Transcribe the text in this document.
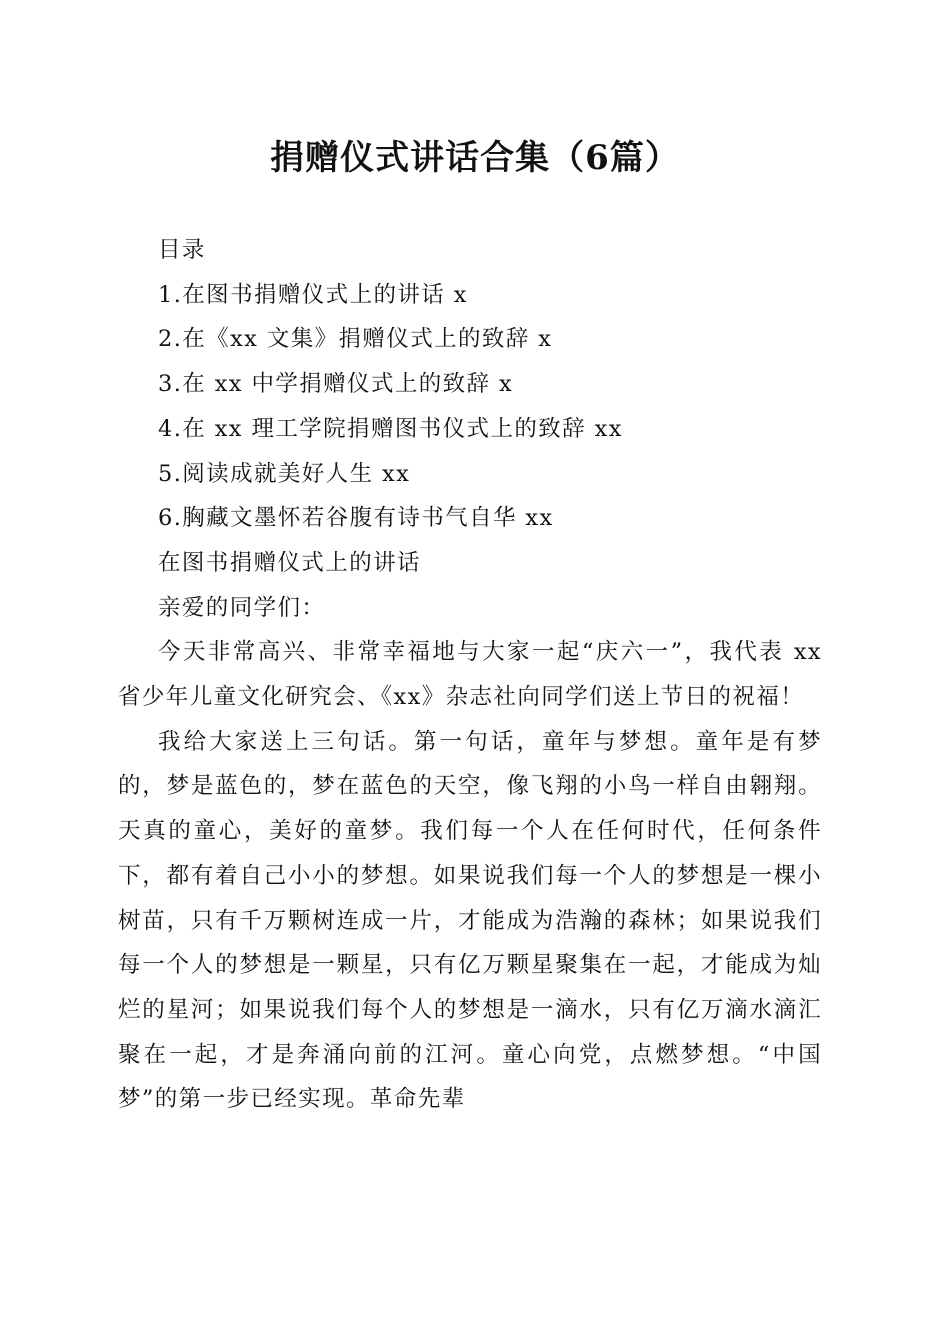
捐赠仪式讲话合集（6篇）

目录

1.在图书捐赠仪式上的讲话 x

2.在《xx 文集》捐赠仪式上的致辞 x

3.在 xx 中学捐赠仪式上的致辞 x

4.在 xx 理工学院捐赠图书仪式上的致辞 xx

5.阅读成就美好人生 xx

6.胸藏文墨怀若谷腹有诗书气自华 xx

在图书捐赠仪式上的讲话

亲爱的同学们：

今天非常高兴、非常幸福地与大家一起“庆六一”，我代表 xx 省少年儿童文化研究会、《xx》杂志社向同学们送上节日的祝福！

我给大家送上三句话。第一句话，童年与梦想。童年是有梦的，梦是蓝色的，梦在蓝色的天空，像飞翔的小鸟一样自由翱翔。天真的童心，美好的童梦。我们每一个人在任何时代，任何条件下，都有着自己小小的梦想。如果说我们每一个人的梦想是一棵小树苗，只有千万颗树连成一片，才能成为浩瀚的森林；如果说我们每一个人的梦想是一颗星，只有亿万颗星聚集在一起，才能成为灿烂的星河；如果说我们每个人的梦想是一滴水，只有亿万滴水滴汇聚在一起，才是奔涌向前的江河。童心向党，点燃梦想。“中国梦”的第一步已经实现。革命先辈
